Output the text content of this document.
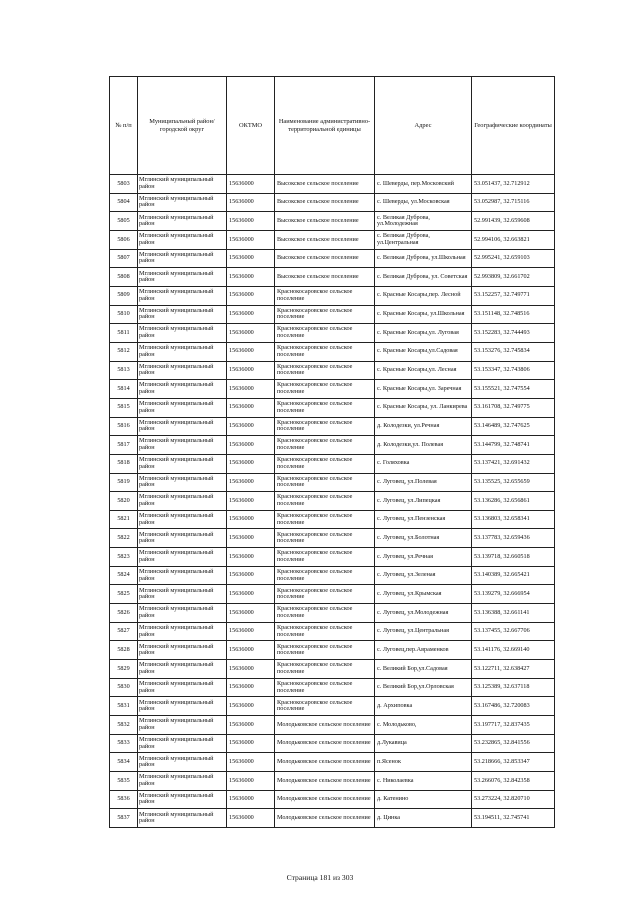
№ п/п	Муниципальный район/городской округ	ОКТМО	Наименование административно-территориальной единицы	Адрес	Географические координаты
5803	Мглинский муниципальный район	15636000	Высокское сельское поселение	с. Шеверды, пер.Московский	53.051437, 32.712912
5804	Мглинский муниципальный район	15636000	Высокское сельское поселение	с. Шеверды, ул.Московская	53.052987, 32.715116
5805	Мглинский муниципальный район	15636000	Высокское сельское поселение	с. Великая Дуброва, ул.Молодежная	52.991439, 32.659608
5806	Мглинский муниципальный район	15636000	Высокское сельское поселение	с. Великая Дуброва, ул.Центральная	52.994106, 32.663821
5807	Мглинский муниципальный район	15636000	Высокское сельское поселение	с. Великая Дуброва, ул.Школьная	52.995241, 32.659103
5808	Мглинский муниципальный район	15636000	Высокское сельское поселение	с. Великая Дуброва, ул. Советская	52.993809, 32.661702
5809	Мглинский муниципальный район	15636000	Краснокосаровское сельское поселение	с. Красные Косары,пер. Лесной	53.152257, 32.749771
5810	Мглинский муниципальный район	15636000	Краснокосаровское сельское поселение	с. Красные Косары, ул.Школьная	53.151148, 32.748516
5811	Мглинский муниципальный район	15636000	Краснокосаровское сельское поселение	с. Красные Косары,ул. Луговая	53.152283, 32.744493
5812	Мглинский муниципальный район	15636000	Краснокосаровское сельское поселение	с. Красные Косары,ул.Садовая	53.153276, 32.745834
5813	Мглинский муниципальный район	15636000	Краснокосаровское сельское поселение	с. Красные Косары,ул. Лесная	53.153347, 32.743806
5814	Мглинский муниципальный район	15636000	Краснокосаровское сельское поселение	с. Красные Косары,ул. Заречная	53.155521, 32.747554
5815	Мглинский муниципальный район	15636000	Краснокосаровское сельское поселение	с. Красные Косары, ул. Ланкирева	53.161708, 32.749775
5816	Мглинский муниципальный район	15636000	Краснокосаровское сельское поселение	д. Колодезки, ул.Речная	53.146489, 32.747625
5817	Мглинский муниципальный район	15636000	Краснокосаровское сельское поселение	д. Колодезки,ул. Полевая	53.144799, 32.748741
5818	Мглинский муниципальный район	15636000	Краснокосаровское сельское поселение	с. Голяховка	53.137421, 32.691432
5819	Мглинский муниципальный район	15636000	Краснокосаровское сельское поселение	с. Луговец, ул.Полевая	53.135525, 32.655659
5820	Мглинский муниципальный район	15636000	Краснокосаровское сельское поселение	с. Луговец, ул.Липецкая	53.136286, 32.656861
5821	Мглинский муниципальный район	15636000	Краснокосаровское сельское поселение	с. Луговец, ул.Пензенская	53.136803, 32.658341
5822	Мглинский муниципальный район	15636000	Краснокосаровское сельское поселение	с. Луговец, ул.Болотная	53.137783, 32.659436
5823	Мглинский муниципальный район	15636000	Краснокосаровское сельское поселение	с. Луговец, ул.Речная	53.139718, 32.660518
5824	Мглинский муниципальный район	15636000	Краснокосаровское сельское поселение	с. Луговец, ул.Зеленая	53.140389, 32.665421
5825	Мглинский муниципальный район	15636000	Краснокосаровское сельское поселение	с. Луговец, ул.Крымская	53.139279, 32.666954
5826	Мглинский муниципальный район	15636000	Краснокосаровское сельское поселение	с. Луговец, ул.Молодежная	53.136388, 32.661141
5827	Мглинский муниципальный район	15636000	Краснокосаровское сельское поселение	с. Луговец, ул.Центральная	53.137455, 32.667706
5828	Мглинский муниципальный район	15636000	Краснокосаровское сельское поселение	с. Луговец,пер.Авраменков	53.141176, 32.669140
5829	Мглинский муниципальный район	15636000	Краснокосаровское сельское поселение	с. Великий Бор,ул.Садовая	53.122711, 32.638427
5830	Мглинский муниципальный район	15636000	Краснокосаровское сельское поселение	с. Великий Бор,ул.Орловская	53.125389, 32.637118
5831	Мглинский муниципальный район	15636000	Краснокосаровское сельское поселение	д. Архиповка	53.167486, 32.720083
5832	Мглинский муниципальный район	15636000	Молодьковское сельское поселение	с. Молодьково,	53.197717, 32.837435
5833	Мглинский муниципальный район	15636000	Молодьковское сельское поселение	д.Лукавица	53.232865, 32.841556
5834	Мглинский муниципальный район	15636000	Молодьковское сельское поселение	п.Ясенок	53.218666, 32.853347
5835	Мглинский муниципальный район	15636000	Молодьковское сельское поселение	с. Николаевка	53.266076, 32.842358
5836	Мглинский муниципальный район	15636000	Молодьковское сельское поселение	д. Катенино	53.273224, 32.820710
5837	Мглинский муниципальный район	15636000	Молодьковское сельское поселение	д. Цинка	53.194511, 32.745741
Страница 181 из 303
